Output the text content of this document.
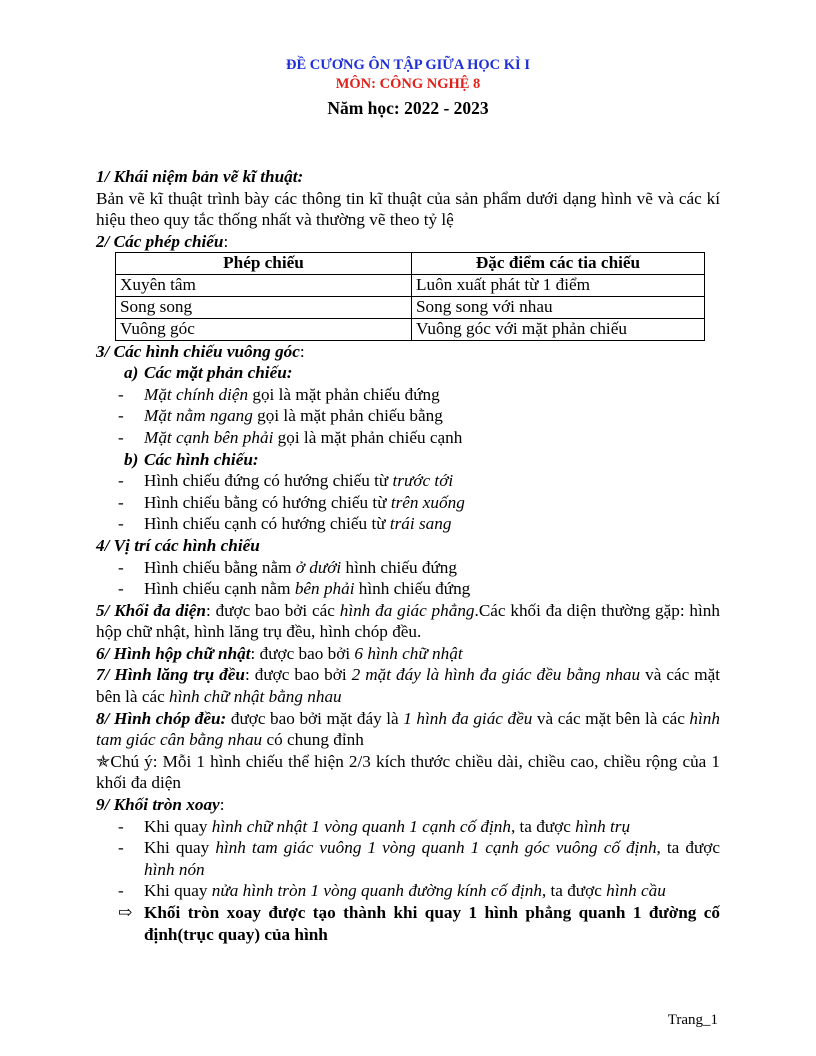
ĐỀ CƯƠNG ÔN TẬP GIỮA HỌC KÌ I
MÔN: CÔNG NGHỆ 8
Năm học: 2022 - 2023
1/ Khái niệm bản vẽ kĩ thuật:
Bản vẽ kĩ thuật trình bày các thông tin kĩ thuật của sản phẩm dưới dạng hình vẽ và các kí hiệu theo quy tắc thống nhất và thường vẽ theo tỷ lệ
2/ Các phép chiếu:
Phép chiếu	Đặc điểm các tia chiếu
Xuyên tâm	Luôn xuất phát từ 1 điểm
Song song	Song song với nhau
Vuông góc	Vuông góc với mặt phản chiếu
3/ Các hình chiếu vuông góc:
a) Các mặt phản chiếu:
-	Mặt chính diện gọi là mặt phản chiếu đứng
-	Mặt nằm ngang gọi là mặt phản chiếu bằng
-	Mặt cạnh bên phải gọi là mặt phản chiếu cạnh
b) Các hình chiếu:
-	Hình chiếu đứng có hướng chiếu từ trước tới
-	Hình chiếu bằng có hướng chiếu từ trên xuống
-	Hình chiếu cạnh có hướng chiếu từ trái sang
4/ Vị trí các hình chiếu
-	Hình chiếu bằng nằm ở dưới hình chiếu đứng
-	Hình chiếu cạnh nằm bên phải hình chiếu đứng
5/ Khối đa diện: được bao bởi các hình đa giác phẳng.Các khối đa diện thường gặp: hình hộp chữ nhật, hình lăng trụ đều, hình chóp đều.
6/ Hình hộp chữ nhật: được bao bởi 6 hình chữ nhật
7/ Hình lăng trụ đều: được bao bởi 2 mặt đáy là hình đa giác đều bằng nhau và các mặt bên là các hình chữ nhật bằng nhau
8/ Hình chóp đều: được bao bởi mặt đáy là 1 hình đa giác đều và các mặt bên là các hình tam giác cân bằng nhau có chung đỉnh
✯Chú ý: Mỗi 1 hình chiếu thể hiện 2/3 kích thước chiều dài, chiều cao, chiều rộng của 1 khối đa diện
9/ Khối tròn xoay:
-	Khi quay hình chữ nhật 1 vòng quanh 1 cạnh cố định, ta được hình trụ
-	Khi quay hình tam giác vuông 1 vòng quanh 1 cạnh góc vuông cố định, ta được hình nón
-	Khi quay nửa hình tròn 1 vòng quanh đường kính cố định, ta được hình cầu
⇨ Khối tròn xoay được tạo thành khi quay 1 hình phẳng quanh 1 đường cố định(trục quay) của hình
Trang_1
